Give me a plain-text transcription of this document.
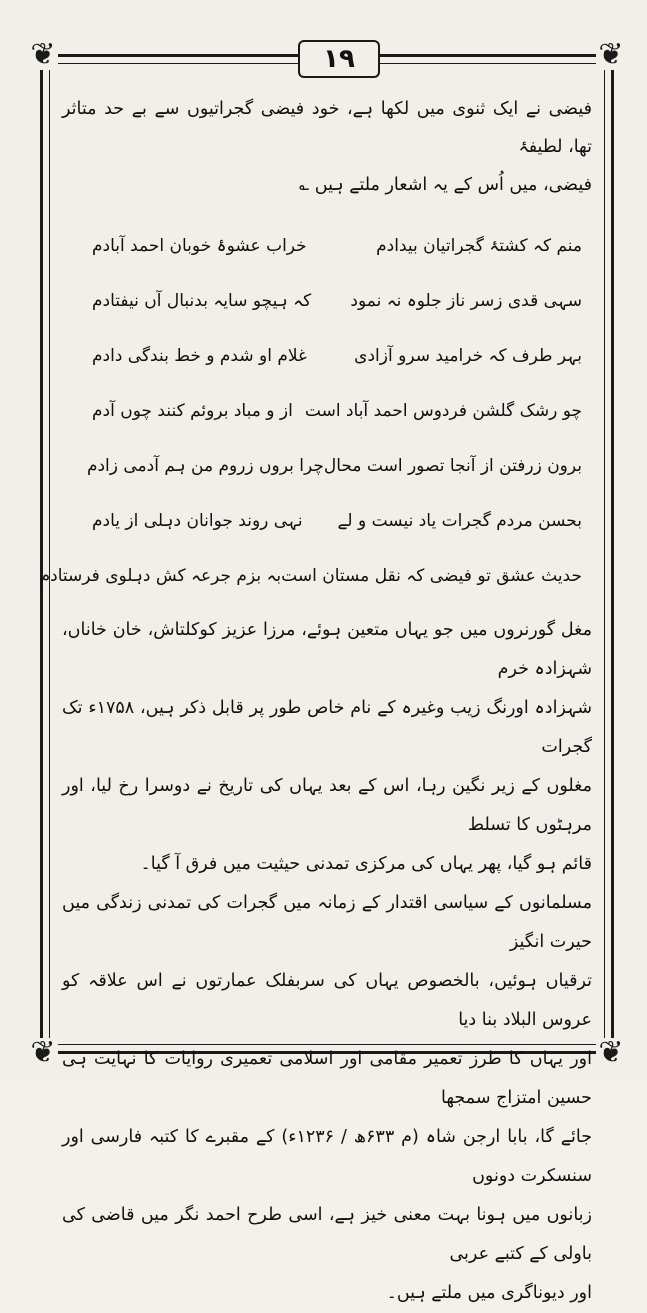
❦	❦
❦	❦
۱۹

فیضی نے ایک ثنوی میں لکھا ہے، خود فیضی گجراتیوں سے بے حد متاثر تھا، لطیفۂ

فیضی، میں اُس کے یہ اشعار ملتے ہیں ؎

منم کہ کشتۂ گجراتیان بیدادم
خراب عشوۂ خوبان احمد آبادم
سہی قدی زسر ناز جلوہ نہ نمود
کہ ہیچو سایہ بدنبال آں نیفتادم
بہر طرف کہ خرامید سرو آزادی
غلام او شدم و خط بندگی دادم
چو رشک گلشن فردوس احمد آباد است
از و مباد بروئم کنند چوں آدم
برون زرفتن از آنجا تصور است محال
چرا بروں زروم من ہم آدمی زادم
بحسن مردم گجرات یاد نیست و لے
نہی روند جوانان دہلی از یادم
حدیث عشق تو فیضی کہ نقل مستان است
بہ بزم جرعہ کش دہلوی فرستادم

مغل گورنروں میں جو یہاں متعین ہوئے، مرزا عزیز کوکلتاش، خان خاناں، شہزادہ خرم

شہزادہ اورنگ زیب وغیرہ کے نام خاص طور پر قابل ذکر ہیں، ۱۷۵۸ء تک گجرات

مغلوں کے زیر نگین رہا، اس کے بعد یہاں کی تاریخ نے دوسرا رخ لیا، اور مرہٹوں کا تسلط

قائم ہو گیا، پھر یہاں کی مرکزی تمدنی حیثیت میں فرق آ گیا۔

مسلمانوں کے سیاسی اقتدار کے زمانہ میں گجرات کی تمدنی زندگی میں حیرت انگیز

ترقیاں ہوئیں، بالخصوص یہاں کی سربفلک عمارتوں نے اس علاقہ کو عروس البلاد بنا دیا

اور یہاں کا طرز تعمیر مقامی اور اسلامی تعمیری روایات کا نہایت ہی حسین امتزاج سمجھا

جائے گا، بابا ارجن شاہ (م ۶۳۳ھ / ۱۲۳۶ء) کے مقبرے کا کتبہ فارسی اور سنسکرت دونوں

زبانوں میں ہونا بہت معنی خیز ہے، اسی طرح احمد نگر میں قاضی کی باولی کے کتبے عربی

اور دیوناگری میں ملتے ہیں۔
